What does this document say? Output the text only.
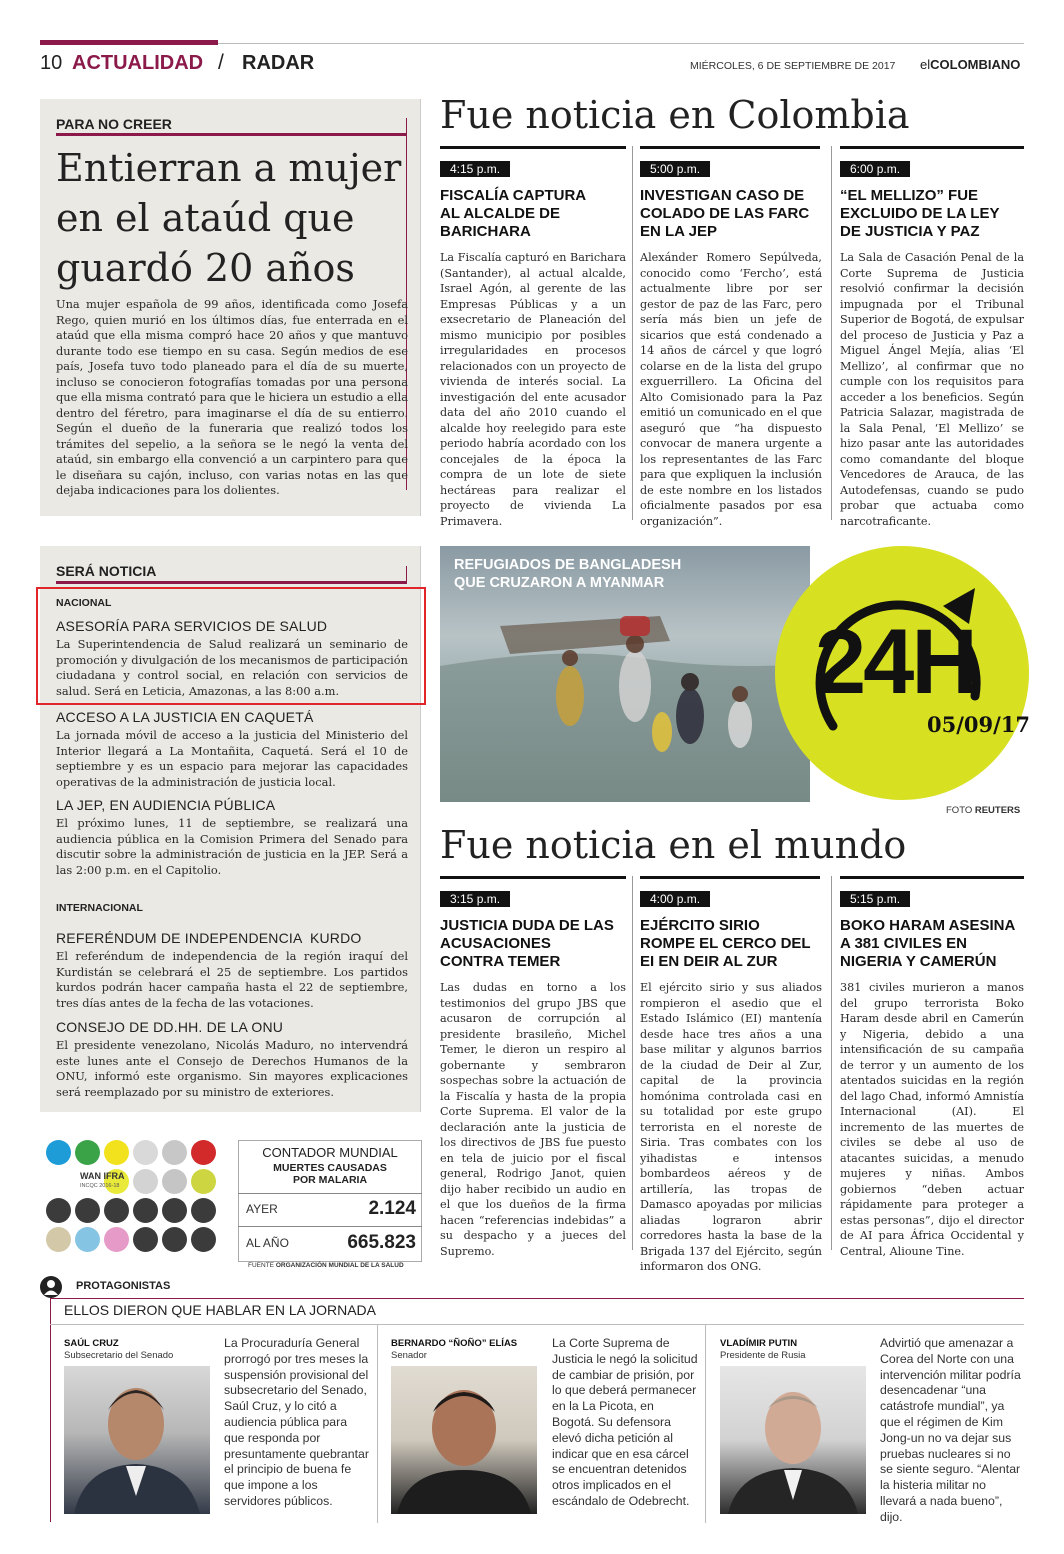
10 ACTUALIDAD / RADAR	MIÉRCOLES, 6 DE SEPTIEMBRE DE 2017 elCOLOMBIANO
PARA NO CREER
Entierran a mujer
en el ataúd que
guardó 20 años
Una mujer española de 99 años, identificada como Josefa Rego, quien murió en los últimos días, fue enterrada en el ataúd que ella misma compró hace 20 años y que mantuvo durante todo ese tiempo en su casa. Según medios de ese país, Josefa tuvo todo planeado para el día de su muerte, incluso se conocieron fotografías tomadas por una persona que ella misma contrató para que le hiciera un estudio a ella dentro del féretro, para imaginarse el día de su entierro. Según el dueño de la funeraria que realizó todos los trámites del sepelio, a la señora se le negó la venta del ataúd, sin embargo ella convenció a un carpintero para que le diseñara su cajón, incluso, con varias notas en las que dejaba indicaciones para los dolientes.
Fue noticia en Colombia
4:15 p.m.
FISCALÍA CAPTURA
AL ALCALDE DE
BARICHARA
La Fiscalía capturó en Barichara (Santander), al actual alcalde, Israel Agón, al gerente de las Empresas Públicas y a un exsecretario de Planeación del mismo municipio por posibles irregularidades en procesos relacionados con un proyecto de vivienda de interés social. La investigación del ente acusador data del año 2010 cuando el alcalde hoy reelegido para este periodo habría acordado con los concejales de la época la compra de un lote de siete hectáreas para realizar el proyecto de vivienda La Primavera.
5:00 p.m.
INVESTIGAN CASO DE
COLADO DE LAS FARC
EN LA JEP
Alexánder Romero Sepúlveda, conocido como ‘Fercho’, está actualmente libre por ser gestor de paz de las Farc, pero sería más bien un jefe de sicarios que está condenado a 14 años de cárcel y que logró colarse en de la lista del grupo exguerrillero. La Oficina del Alto Comisionado para la Paz emitió un comunicado en el que aseguró que “ha dispuesto convocar de manera urgente a los representantes de las Farc para que expliquen la inclusión de este nombre en los listados oficialmente pasados por esa organización”.
6:00 p.m.
“EL MELLIZO” FUE
EXCLUIDO DE LA LEY
DE JUSTICIA Y PAZ
La Sala de Casación Penal de la Corte Suprema de Justicia resolvió confirmar la decisión impugnada por el Tribunal Superior de Bogotá, de expulsar del proceso de Justicia y Paz a Miguel Ángel Mejía, alias ‘El Mellizo’, al confirmar que no cumple con los requisitos para acceder a los beneficios. Según Patricia Salazar, magistrada de la Sala Penal, ‘El Mellizo’ se hizo pasar ante las autoridades como comandante del bloque Vencedores de Arauca, de las Autodefensas, cuando se pudo probar que actuaba como narcotraficante.
SERÁ NOTICIA
NACIONAL
ASESORÍA PARA SERVICIOS DE SALUD
La Superintendencia de Salud realizará un seminario de promoción y divulgación de los mecanismos de participación ciudadana y control social, en relación con servicios de salud. Será en Leticia, Amazonas, a las 8:00 a.m.
ACCESO A LA JUSTICIA EN CAQUETÁ
La jornada móvil de acceso a la justicia del Ministerio del Interior llegará a La Montañita, Caquetá. Será el 10 de septiembre y es un espacio para mejorar las capacidades operativas de la administración de justicia local.
LA JEP, EN AUDIENCIA PÚBLICA
El próximo lunes, 11 de septiembre, se realizará una audiencia pública en la Comision Primera del Senado para discutir sobre la administración de justicia en la JEP. Será a las 2:00 p.m. en el Capitolio.
INTERNACIONAL
REFERÉNDUM DE INDEPENDENCIA  KURDO
El referéndum de independencia de la región iraquí del Kurdistán se celebrará el 25 de septiembre. Los partidos kurdos podrán hacer campaña hasta el 22 de septiembre, tres días antes de la fecha de las votaciones.
CONSEJO DE DD.HH. DE LA ONU
El presidente venezolano, Nicolás Maduro, no intervendrá este lunes ante el Consejo de Derechos Humanos de la ONU, informó este organismo. Sin mayores explicaciones será reemplazado por su ministro de exteriores.
REFUGIADOS DE BANGLADESH
QUE CRUZARON A MYANMAR
24H
05/09/17
FOTO REUTERS
Fue noticia en el mundo
3:15 p.m.
JUSTICIA DUDA DE LAS
ACUSACIONES
CONTRA TEMER
Las dudas en torno a los testimonios del grupo JBS que acusaron de corrupción al presidente brasileño, Michel Temer, le dieron un respiro al gobernante y sembraron sospechas sobre la actuación de la Fiscalía y hasta de la propia Corte Suprema. El valor de la declaración ante la justicia de los directivos de JBS fue puesto en tela de juicio por el fiscal general, Rodrigo Janot, quien dijo haber recibido un audio en el que los dueños de la firma hacen “referencias indebidas” a su despacho y a jueces del Supremo.
4:00 p.m.
EJÉRCITO SIRIO
ROMPE EL CERCO DEL
EI EN DEIR AL ZUR
El ejército sirio y sus aliados rompieron el asedio que el Estado Islámico (EI) mantenía desde hace tres años a una base militar y algunos barrios de la ciudad de Deir al Zur, capital de la provincia homónima controlada casi en su totalidad por este grupo terrorista en el noreste de Siria. Tras combates con los yihadistas e intensos bombardeos aéreos y de artillería, las tropas de Damasco apoyadas por milicias aliadas lograron abrir corredores hasta la base de la Brigada 137 del Ejército, según informaron dos ONG.
5:15 p.m.
BOKO HARAM ASESINA
A 381 CIVILES EN
NIGERIA Y CAMERÚN
381 civiles murieron a manos del grupo terrorista Boko Haram desde abril en Camerún y Nigeria, debido a una intensificación de su campaña de terror y un aumento de los atentados suicidas en la región del lago Chad, informó Amnistía Internacional (AI). El incremento de las muertes de civiles se debe al uso de atacantes suicidas, a menudo mujeres y niñas. Ambos gobiernos “deben actuar rápidamente para proteger a estas personas”, dijo el director de AI para África Occidental y Central, Alioune Tine.
WAN IFRA
INCQC 2016-18
CONTADOR MUNDIAL
MUERTES CAUSADAS
POR MALARIA
AYER	2.124
AL AÑO	665.823
FUENTE ORGANIZACIÓN MUNDIAL DE LA SALUD
PROTAGONISTAS
ELLOS DIERON QUE HABLAR EN LA JORNADA
SAÚL CRUZ
Subsecretario del Senado
La Procuraduría General prorrogó por tres meses la suspensión provisional del subsecretario del Senado, Saúl Cruz, y lo citó a audiencia pública para que responda por presuntamente quebrantar el principio de buena fe que impone a los servidores públicos.
BERNARDO “ÑOÑO” ELÍAS
Senador
La Corte Suprema de Justicia le negó la solicitud de cambiar de prisión, por lo que deberá permanecer en la La Picota, en Bogotá. Su defensora elevó dicha petición al indicar que en esa cárcel se encuentran detenidos otros implicados en el escándalo de Odebrecht.
VLADÍMIR PUTIN
Presidente de Rusia
Advirtió que amenazar a Corea del Norte con una intervención militar podría desencadenar “una catástrofe mundial”, ya que el régimen de Kim Jong-un no va dejar sus pruebas nucleares si no se siente seguro. “Alentar la histeria militar no llevará a nada bueno”, dijo.
